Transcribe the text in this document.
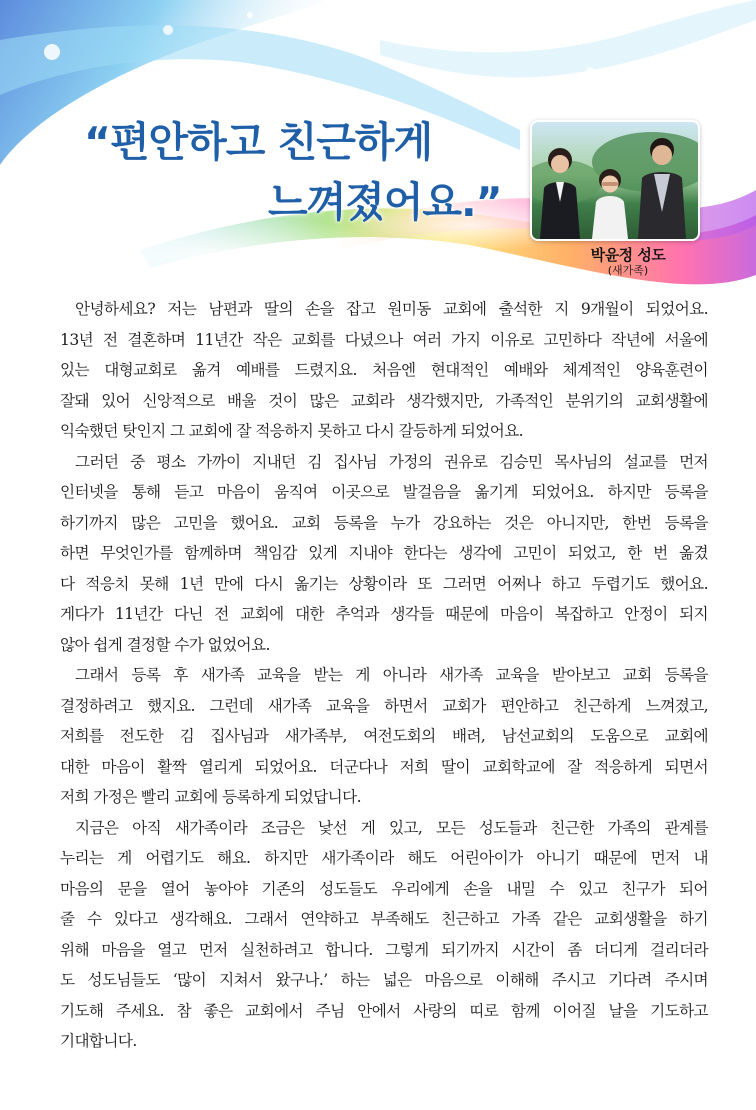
“편안하고 친근하게
느껴졌어요.”
박윤정 성도
(새가족)
안녕하세요? 저는 남편과 딸의 손을 잡고 원미동 교회에 출석한 지 9개월이 되었어요.
13년 전 결혼하며 11년간 작은 교회를 다녔으나 여러 가지 이유로 고민하다 작년에 서울에
있는 대형교회로 옮겨 예배를 드렸지요. 처음엔 현대적인 예배와 체계적인 양육훈련이
잘돼 있어 신앙적으로 배울 것이 많은 교회라 생각했지만, 가족적인 분위기의 교회생활에
익숙했던 탓인지 그 교회에 잘 적응하지 못하고 다시 갈등하게 되었어요.
그러던 중 평소 가까이 지내던 김 집사님 가정의 권유로 김승민 목사님의 설교를 먼저
인터넷을 통해 듣고 마음이 움직여 이곳으로 발걸음을 옮기게 되었어요. 하지만 등록을
하기까지 많은 고민을 했어요. 교회 등록을 누가 강요하는 것은 아니지만, 한번 등록을
하면 무엇인가를 함께하며 책임감 있게 지내야 한다는 생각에 고민이 되었고, 한 번 옮겼
다 적응치 못해 1년 만에 다시 옮기는 상황이라 또 그러면 어쩌나 하고 두렵기도 했어요.
게다가 11년간 다닌 전 교회에 대한 추억과 생각들 때문에 마음이 복잡하고 안정이 되지
않아 쉽게 결정할 수가 없었어요.
그래서 등록 후 새가족 교육을 받는 게 아니라 새가족 교육을 받아보고 교회 등록을
결정하려고 했지요. 그런데 새가족 교육을 하면서 교회가 편안하고 친근하게 느껴졌고,
저희를 전도한 김 집사님과 새가족부, 여전도회의 배려, 남선교회의 도움으로 교회에
대한 마음이 활짝 열리게 되었어요. 더군다나 저희 딸이 교회학교에 잘 적응하게 되면서
저희 가정은 빨리 교회에 등록하게 되었답니다.
지금은 아직 새가족이라 조금은 낯선 게 있고, 모든 성도들과 친근한 가족의 관계를
누리는 게 어렵기도 해요. 하지만 새가족이라 해도 어린아이가 아니기 때문에 먼저 내
마음의 문을 열어 놓아야 기존의 성도들도 우리에게 손을 내밀 수 있고 친구가 되어
줄 수 있다고 생각해요. 그래서 연약하고 부족해도 친근하고 가족 같은 교회생활을 하기
위해 마음을 열고 먼저 실천하려고 합니다. 그렇게 되기까지 시간이 좀 더디게 걸리더라
도 성도님들도 ‘많이 지쳐서 왔구나.’ 하는 넓은 마음으로 이해해 주시고 기다려 주시며
기도해 주세요. 참 좋은 교회에서 주님 안에서 사랑의 띠로 함께 이어질 날을 기도하고
기대합니다.
